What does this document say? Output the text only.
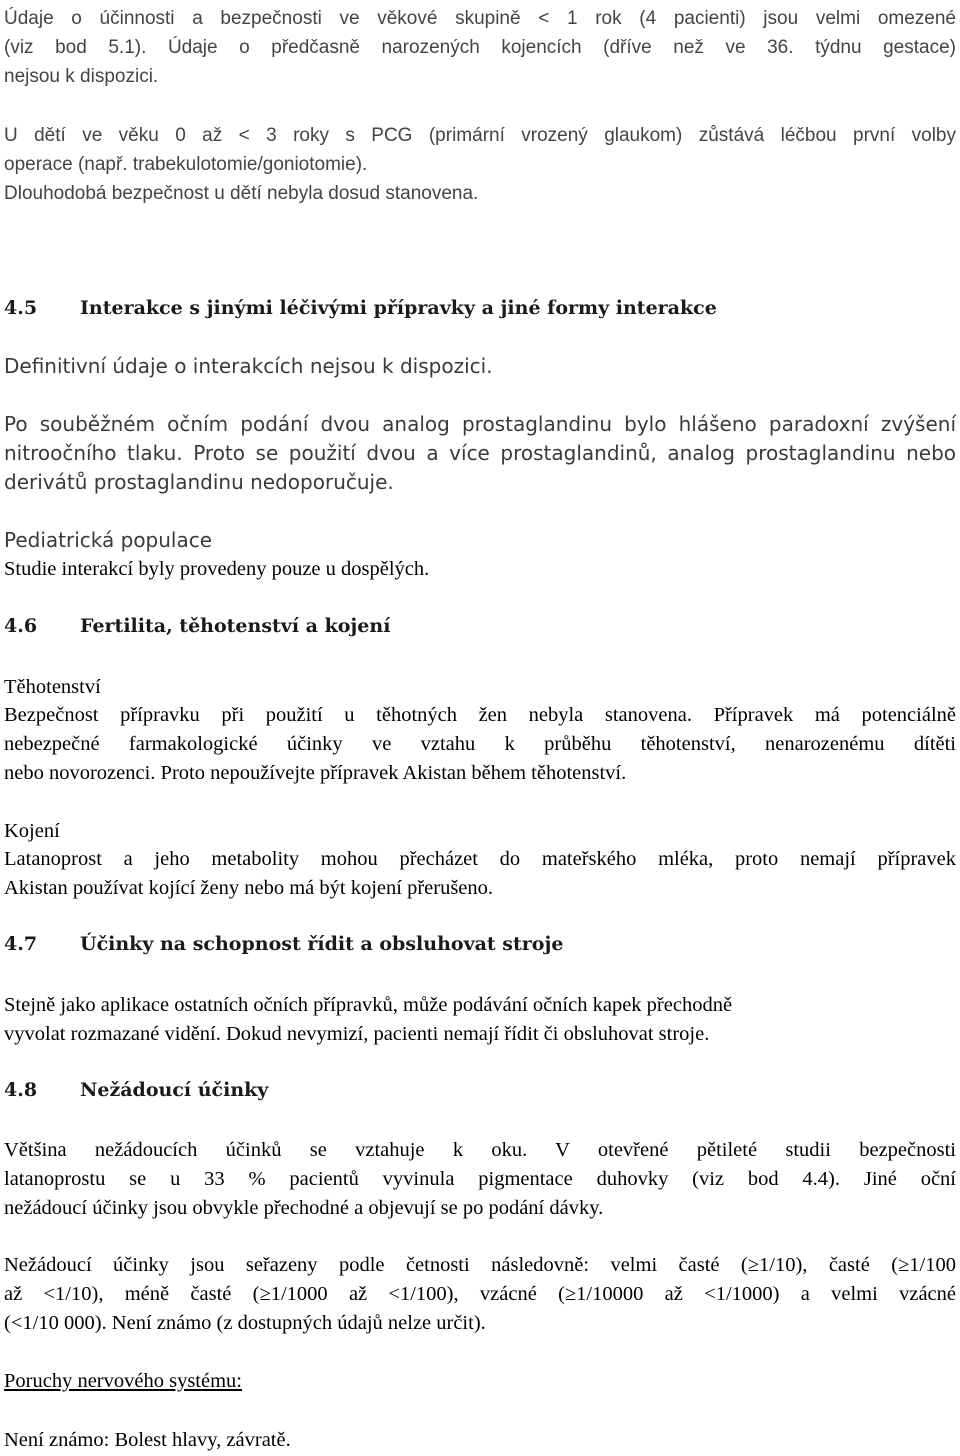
Údaje o účinnosti a bezpečnosti ve věkové skupině < 1 rok (4 pacienti) jsou velmi omezené
(viz bod 5.1). Údaje o předčasně narozených kojencích (dříve než ve 36. týdnu gestace)
nejsou k dispozici.
U dětí ve věku 0 až < 3 roky s PCG (primární vrozený glaukom) zůstává léčbou první volby
operace (např. trabekulotomie/goniotomie).
Dlouhodobá bezpečnost u dětí nebyla dosud stanovena.
4.5 Interakce s jinými léčivými přípravky a jiné formy interakce
Definitivní údaje o interakcích nejsou k dispozici.
Po souběžném očním podání dvou analog prostaglandinu bylo hlášeno paradoxní zvýšení
nitroočního tlaku. Proto se použití dvou a více prostaglandinů, analog prostaglandinu nebo
derivátů prostaglandinu nedoporučuje.
Pediatrická populace
Studie interakcí byly provedeny pouze u dospělých.
4.6 Fertilita, těhotenství a kojení
Těhotenství
Bezpečnost přípravku při použití u těhotných žen nebyla stanovena. Přípravek má potenciálně
nebezpečné farmakologické účinky ve vztahu k průběhu těhotenství, nenarozenému dítěti
nebo novorozenci. Proto nepoužívejte přípravek Akistan během těhotenství.
Kojení
Latanoprost a jeho metabolity mohou přecházet do mateřského mléka, proto nemají přípravek
Akistan používat kojící ženy nebo má být kojení přerušeno.
4.7 Účinky na schopnost řídit a obsluhovat stroje
Stejně jako aplikace ostatních očních přípravků, může podávání očních kapek přechodně
vyvolat rozmazané vidění. Dokud nevymizí, pacienti nemají řídit či obsluhovat stroje.
4.8 Nežádoucí účinky
Většina nežádoucích účinků se vztahuje k oku. V otevřené pětileté studii bezpečnosti
latanoprostu se u 33 % pacientů vyvinula pigmentace duhovky (viz bod 4.4). Jiné oční
nežádoucí účinky jsou obvykle přechodné a objevují se po podání dávky.
Nežádoucí účinky jsou seřazeny podle četnosti následovně: velmi časté (≥1/10), časté (≥1/100
až <1/10), méně časté (≥1/1000 až <1/100), vzácné (≥1/10000 až <1/1000) a velmi vzácné
(<1/10 000). Není známo (z dostupných údajů nelze určit).
Poruchy nervového systému:
Není známo: Bolest hlavy, závratě.
